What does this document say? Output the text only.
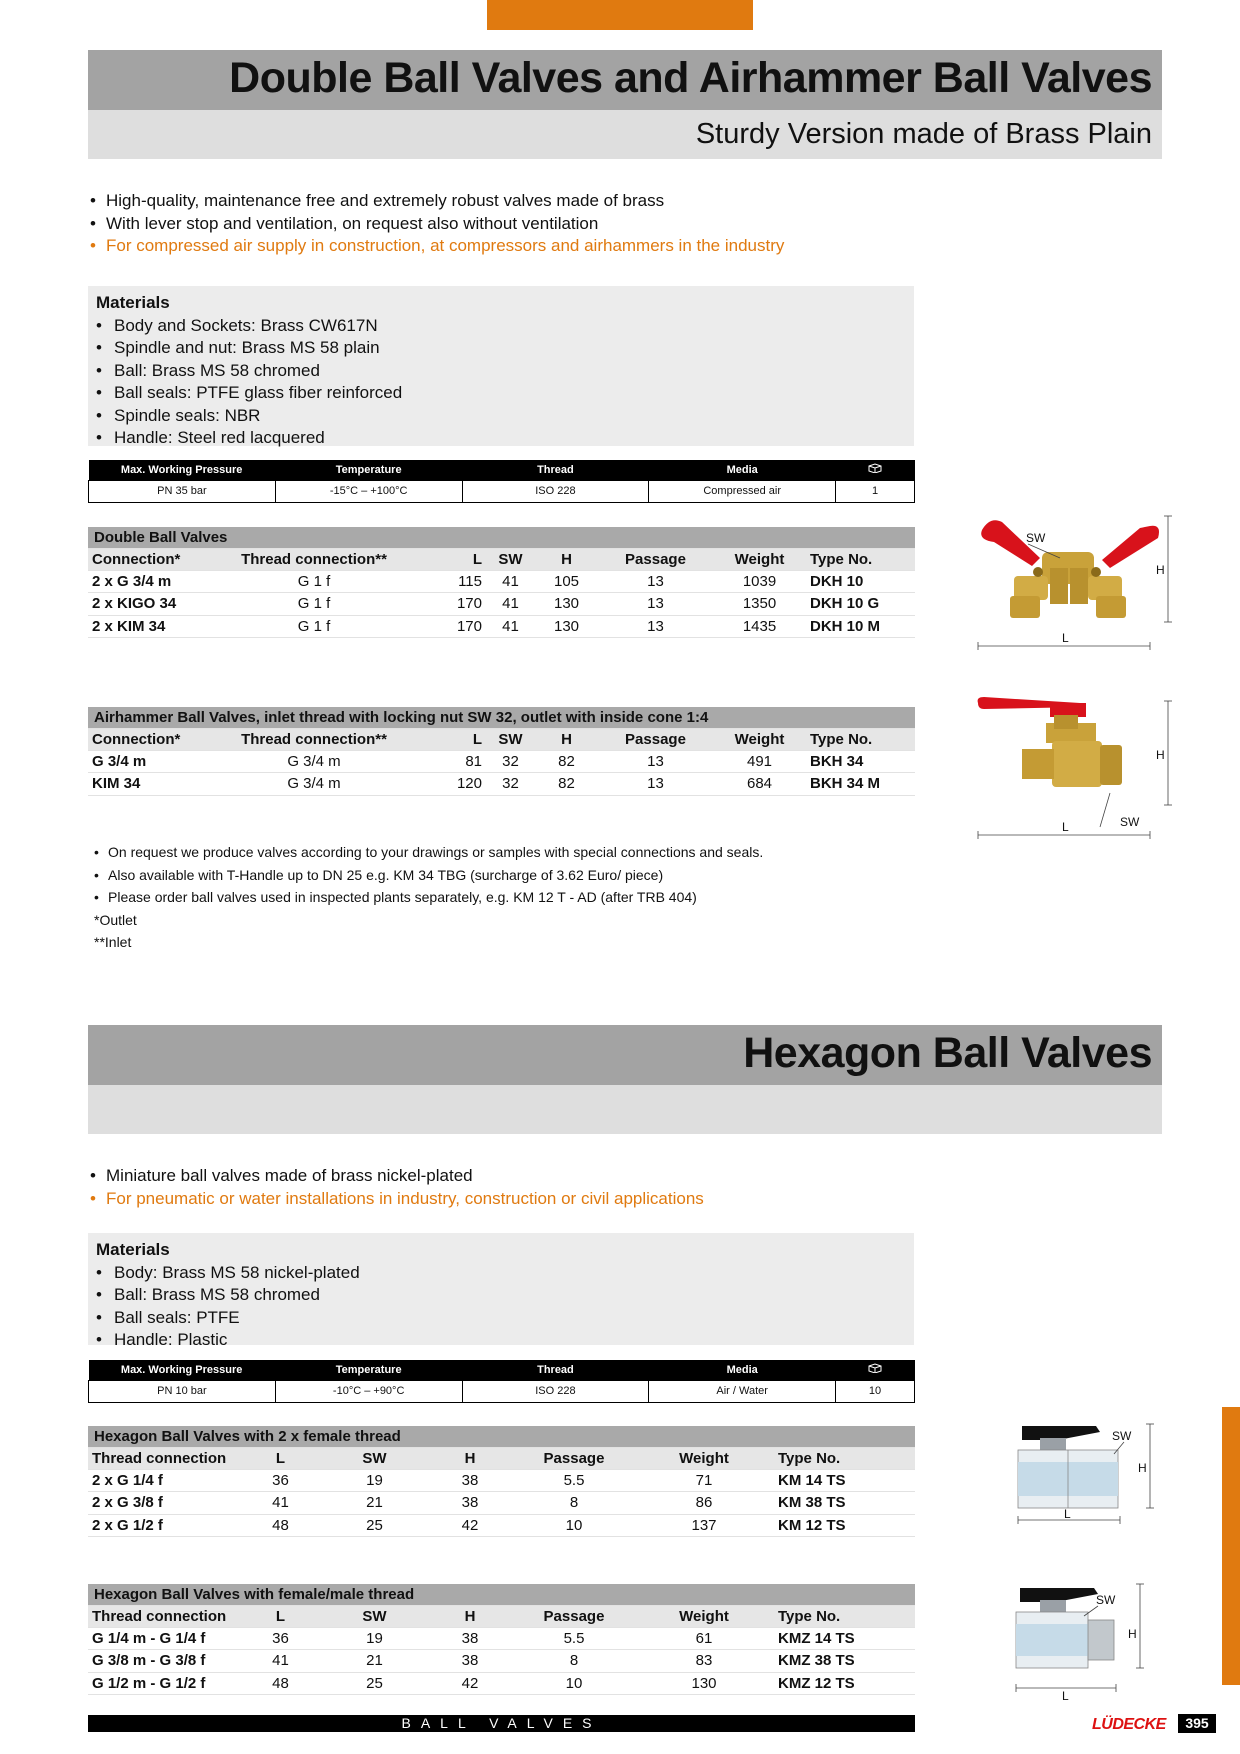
Double Ball Valves and Airhammer Ball Valves
Sturdy Version made of Brass Plain
• High-quality, maintenance free and extremely robust valves made of brass
• With lever stop and ventilation, on request also without ventilation
• For compressed air supply in construction, at compressors and airhammers in the industry
Materials
• Body and Sockets: Brass CW617N
• Spindle and nut: Brass MS 58 plain
• Ball: Brass MS 58 chromed
• Ball seals: PTFE glass fiber reinforced
• Spindle seals: NBR
• Handle: Steel red lacquered
Max. Working Pressure	Temperature	Thread	Media	
PN 35 bar	-15°C – +100°C	ISO 228	Compressed air	1
Double Ball Valves							
Connection*	Thread connection**	L	SW	H	Passage	Weight	Type No.
2 x G 3/4 m	G 1 f	115	41	105	13	1039	DKH 10
2 x KIGO 34	G 1 f	170	41	130	13	1350	DKH 10 G
2 x KIM 34	G 1 f	170	41	130	13	1435	DKH 10 M
Airhammer Ball Valves, inlet thread with locking nut SW 32, outlet with inside cone 1:4							
Connection*	Thread connection**	L	SW	H	Passage	Weight	Type No.
G 3/4 m	G 3/4 m	81	32	82	13	491	BKH 34
KIM 34	G 3/4 m	120	32	82	13	684	BKH 34 M
• On request we produce valves according to your drawings or samples with special connections and seals.
• Also available with T-Handle up to DN 25 e.g. KM 34 TBG (surcharge of 3.62 Euro/ piece)
• Please order ball valves used in inspected plants separately, e.g. KM 12 T - AD (after TRB 404)
*Outlet
**Inlet
SW
H
L
SW
H
L
Hexagon Ball Valves
• Miniature ball valves made of brass nickel-plated
• For pneumatic or water installations in industry, construction or civil applications
Materials
• Body: Brass MS 58 nickel-plated
• Ball: Brass MS 58 chromed
• Ball seals: PTFE
• Handle: Plastic
Max. Working Pressure	Temperature	Thread	Media	
PN 10 bar	-10°C – +90°C	ISO 228	Air / Water	10
Hexagon Ball Valves with 2 x female thread						
Thread connection	L	SW	H	Passage	Weight	Type No.
2 x G 1/4 f	36	19	38	5.5	71	KM 14 TS
2 x G 3/8 f	41	21	38	8	86	KM 38 TS
2 x G 1/2 f	48	25	42	10	137	KM 12 TS
Hexagon Ball Valves with female/male thread						
Thread connection	L	SW	H	Passage	Weight	Type No.
G 1/4 m - G 1/4 f	36	19	38	5.5	61	KMZ 14 TS
G 3/8 m - G 3/8 f	41	21	38	8	83	KMZ 38 TS
G 1/2 m - G 1/2 f	48	25	42	10	130	KMZ 12 TS
SW
H
L
SW
H
L
BALL VALVES	LÜDECKE	395
